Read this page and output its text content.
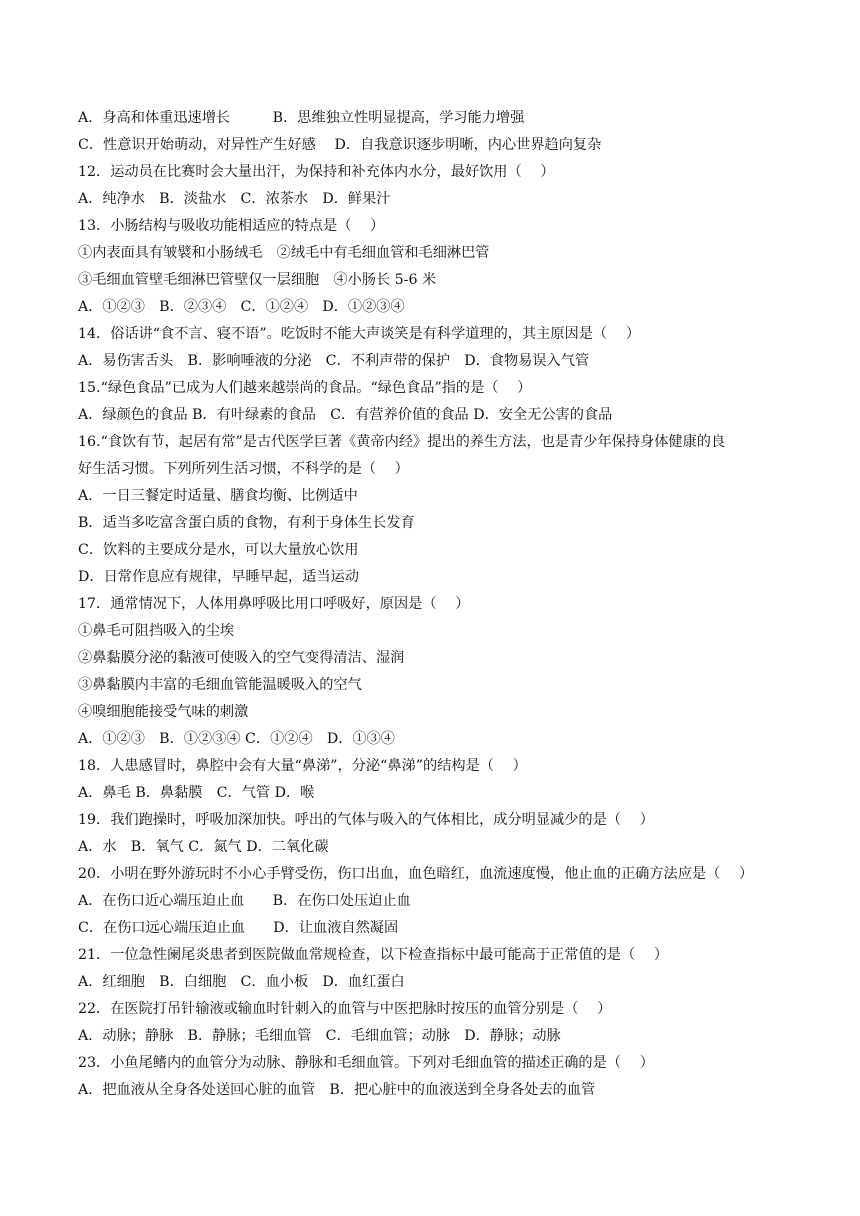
A．身高和体重迅速增长　　　B．思维独立性明显提高，学习能力增强
C．性意识开始萌动，对异性产生好感　 D．自我意识逐步明晰，内心世界趋向复杂
12．运动员在比赛时会大量出汗，为保持和补充体内水分，最好饮用（　 ）
A．纯净水　B．淡盐水　C．浓茶水　D．鲜果汁
13．小肠结构与吸收功能相适应的特点是（　 ）
①内表面具有皱襞和小肠绒毛　②绒毛中有毛细血管和毛细淋巴管
③毛细血管壁毛细淋巴管壁仅一层细胞　④小肠长 5-6 米
A．①②③　B．②③④　C．①②④　D．①②③④
14．俗话讲“食不言、寝不语”。吃饭时不能大声谈笑是有科学道理的，其主原因是（　 ）
A．易伤害舌头　B．影响唾液的分泌　C．不利声带的保护　D．食物易误入气管
15.“绿色食品”已成为人们越来越崇尚的食品。“绿色食品”指的是（　 ）
A．绿颜色的食品 B．有叶绿素的食品　C．有营养价值的食品 D．安全无公害的食品
16.“食饮有节，起居有常”是古代医学巨著《黄帝内经》提出的养生方法，也是青少年保持身体健康的良
好生活习惯。下列所列生活习惯，不科学的是（　 ）
A．一日三餐定时适量、膳食均衡、比例适中
B．适当多吃富含蛋白质的食物，有利于身体生长发育
C．饮料的主要成分是水，可以大量放心饮用
D．日常作息应有规律，早睡早起，适当运动
17．通常情况下，人体用鼻呼吸比用口呼吸好，原因是（　 ）
①鼻毛可阻挡吸入的尘埃
②鼻黏膜分泌的黏液可使吸入的空气变得清洁、湿润
③鼻黏膜内丰富的毛细血管能温暖吸入的空气
④嗅细胞能接受气味的刺激
A．①②③　B．①②③④ C．①②④　D．①③④
18．人患感冒时，鼻腔中会有大量“鼻涕”，分泌“鼻涕”的结构是（　 ）
A．鼻毛 B．鼻黏膜　C．气管 D．喉
19．我们跑操时，呼吸加深加快。呼出的气体与吸入的气体相比，成分明显减少的是（　 ）
A．水　B．氧气 C．氮气 D．二氧化碳
20．小明在野外游玩时不小心手臂受伤，伤口出血，血色暗红，血流速度慢，他止血的正确方法应是（　 ）
A．在伤口近心端压迫止血　　B．在伤口处压迫止血
C．在伤口远心端压迫止血　　D．让血液自然凝固
21．一位急性阑尾炎患者到医院做血常规检查，以下检查指标中最可能高于正常值的是（　 ）
A．红细胞　B．白细胞　C．血小板　D．血红蛋白
22．在医院打吊针输液或输血时针刺入的血管与中医把脉时按压的血管分别是（　 ）
A．动脉；静脉　B．静脉；毛细血管　C．毛细血管；动脉　D．静脉；动脉
23．小鱼尾鳍内的血管分为动脉、静脉和毛细血管。下列对毛细血管的描述正确的是（　 ）
A．把血液从全身各处送回心脏的血管　B．把心脏中的血液送到全身各处去的血管
